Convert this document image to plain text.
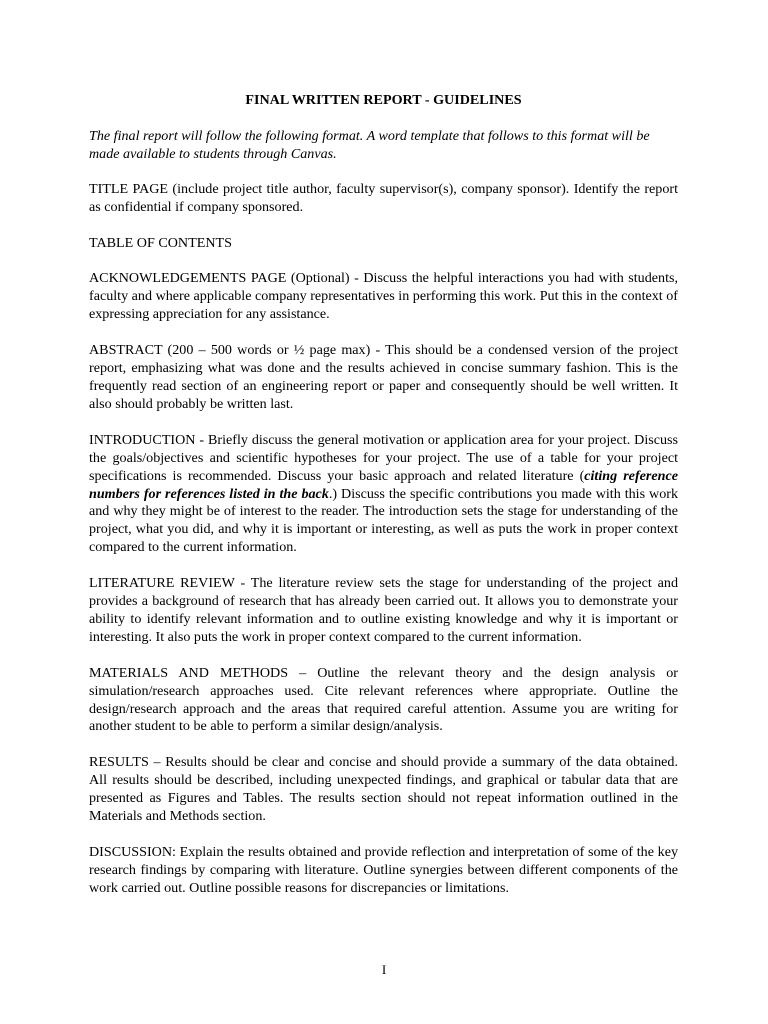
FINAL WRITTEN REPORT - GUIDELINES

The final report will follow the following format. A word template that follows to this format will be made available to students through Canvas.

TITLE PAGE (include project title author, faculty supervisor(s), company sponsor). Identify the report as confidential if company sponsored.

TABLE OF CONTENTS

ACKNOWLEDGEMENTS PAGE (Optional) - Discuss the helpful interactions you had with students, faculty and where applicable company representatives in performing this work. Put this in the context of expressing appreciation for any assistance.

ABSTRACT (200 – 500 words or ½ page max) - This should be a condensed version of the project report, emphasizing what was done and the results achieved in concise summary fashion. This is the frequently read section of an engineering report or paper and consequently should be well written. It also should probably be written last.

INTRODUCTION - Briefly discuss the general motivation or application area for your project. Discuss the goals/objectives and scientific hypotheses for your project. The use of a table for your project specifications is recommended. Discuss your basic approach and related literature (citing reference numbers for references listed in the back.) Discuss the specific contributions you made with this work and why they might be of interest to the reader. The introduction sets the stage for understanding of the project, what you did, and why it is important or interesting, as well as puts the work in proper context compared to the current information.

LITERATURE REVIEW - The literature review sets the stage for understanding of the project and provides a background of research that has already been carried out. It allows you to demonstrate your ability to identify relevant information and to outline existing knowledge and why it is important or interesting. It also puts the work in proper context compared to the current information.

MATERIALS AND METHODS – Outline the relevant theory and the design analysis or simulation/research approaches used. Cite relevant references where appropriate. Outline the design/research approach and the areas that required careful attention. Assume you are writing for another student to be able to perform a similar design/analysis.

RESULTS – Results should be clear and concise and should provide a summary of the data obtained. All results should be described, including unexpected findings, and graphical or tabular data that are presented as Figures and Tables. The results section should not repeat information outlined in the Materials and Methods section.

DISCUSSION: Explain the results obtained and provide reflection and interpretation of some of the key research findings by comparing with literature. Outline synergies between different components of the work carried out. Outline possible reasons for discrepancies or limitations.

I
